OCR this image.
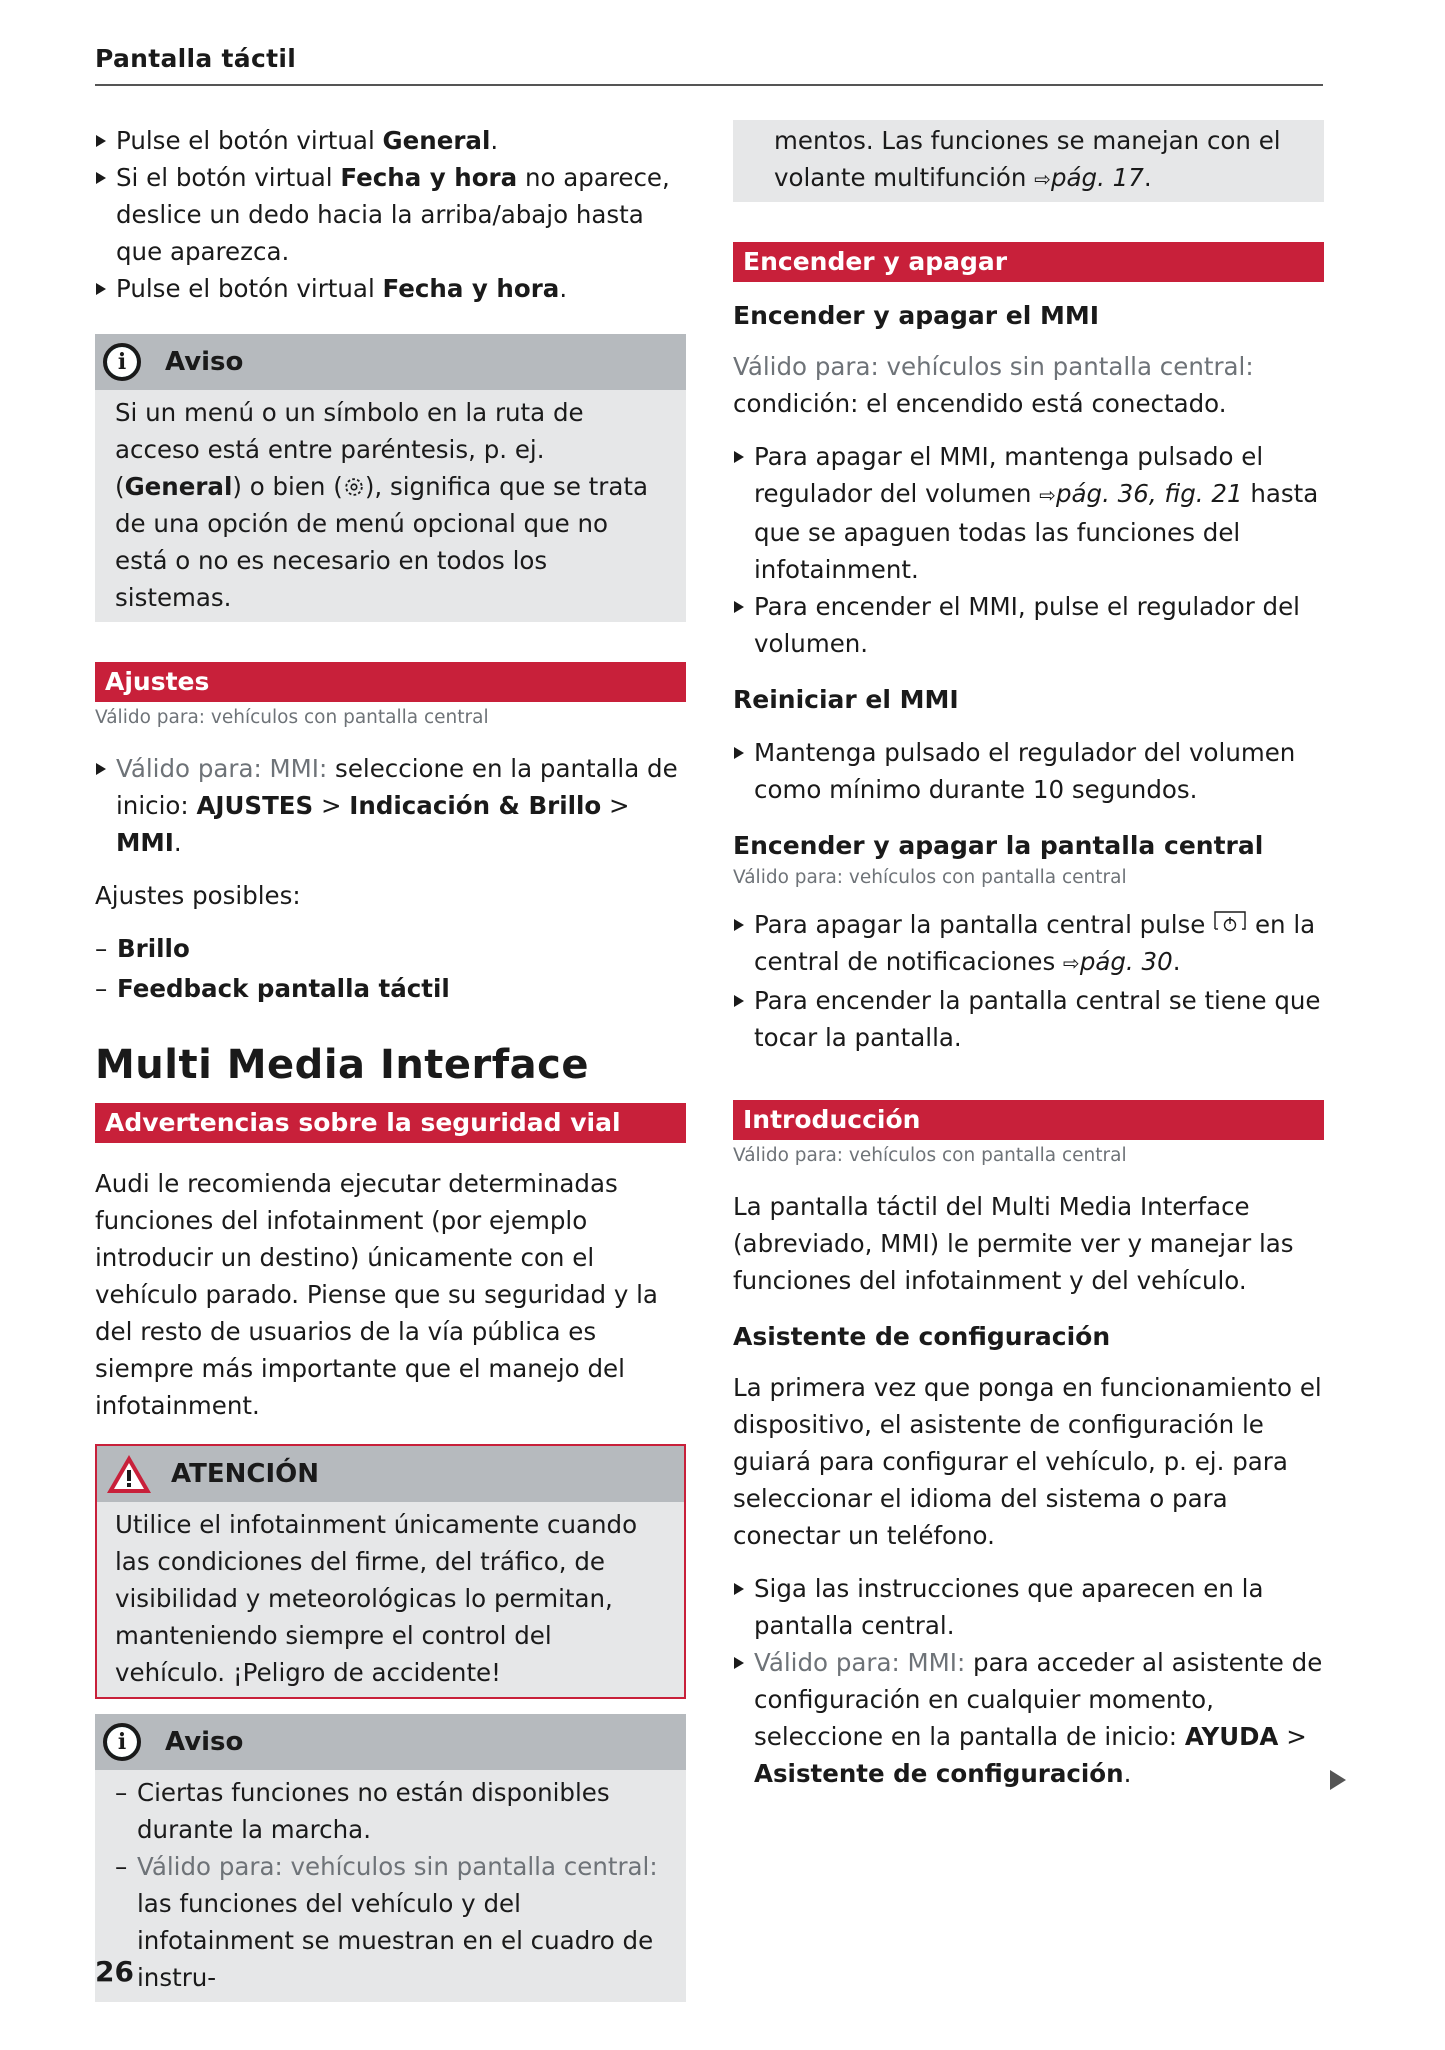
Pantalla táctil

Pulse el botón virtual General.

Si el botón virtual Fecha y hora no aparece, deslice un dedo hacia la arriba/abajo hasta que aparezca.

Pulse el botón virtual Fecha y hora.

i	Aviso
Si un menú o un símbolo en la ruta de acceso está entre paréntesis, p. ej. (General) o bien ( ), significa que se trata de una opción de menú opcional que no está o no es necesario en todos los sistemas.
Ajustes
Válido para: vehículos con pantalla central

Válido para: MMI: seleccione en la pantalla de inicio: AJUSTES > Indicación & Brillo > MMI.

Ajustes posibles:

– Brillo

– Feedback pantalla táctil

Multi Media Interface
Advertencias sobre la seguridad vial

Audi le recomienda ejecutar determinadas funciones del infotainment (por ejemplo introducir un destino) únicamente con el vehículo parado. Piense que su seguridad y la del resto de usuarios de la vía pública es siempre más importante que el manejo del infotainment.

ATENCIÓN
Utilice el infotainment únicamente cuando las condiciones del firme, del tráfico, de visibilidad y meteorológicas lo permitan, manteniendo siempre el control del vehículo. ¡Peligro de accidente!
i	Aviso

– Ciertas funciones no están disponibles durante la marcha.

– Válido para: vehículos sin pantalla central: las funciones del vehículo y del infotainment se muestran en el cuadro de instru-

mentos. Las funciones se manejan con el volante multifunción ⇨pág. 17.
Encender y apagar
Encender y apagar el MMI

Válido para: vehículos sin pantalla central: condición: el encendido está conectado.

Para apagar el MMI, mantenga pulsado el regulador del volumen ⇨pág. 36, fig. 21 hasta que se apaguen todas las funciones del infotainment.

Para encender el MMI, pulse el regulador del volumen.

Reiniciar el MMI

Mantenga pulsado el regulador del volumen como mínimo durante 10 segundos.

Encender y apagar la pantalla central
Válido para: vehículos con pantalla central

Para apagar la pantalla central pulse  en la central de notificaciones ⇨pág. 30.

Para encender la pantalla central se tiene que tocar la pantalla.

Introducción
Válido para: vehículos con pantalla central

La pantalla táctil del Multi Media Interface (abreviado, MMI) le permite ver y manejar las funciones del infotainment y del vehículo.

Asistente de configuración

La primera vez que ponga en funcionamiento el dispositivo, el asistente de configuración le guiará para configurar el vehículo, p. ej. para seleccionar el idioma del sistema o para conectar un teléfono.

Siga las instrucciones que aparecen en la pantalla central.

Válido para: MMI: para acceder al asistente de configuración en cualquier momento, seleccione en la pantalla de inicio: AYUDA > Asistente de configuración.

26
